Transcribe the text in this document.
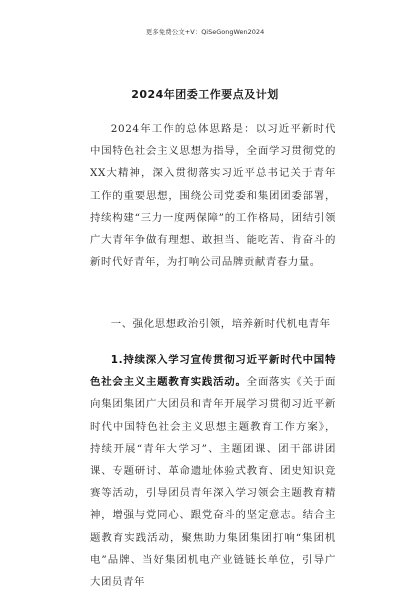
更多免费公文+V：QiSeGongWen2024
2024年团委工作要点及计划

2024年工作的总体思路是：以习近平新时代中国特色社会主义思想为指导，全面学习贯彻党的XX大精神，深入贯彻落实习近平总书记关于青年工作的重要思想，围绕公司党委和集团团委部署，持续构建“三力一度两保障”的工作格局，团结引领广大青年争做有理想、敢担当、能吃苦、肯奋斗的新时代好青年，为打响公司品牌贡献青春力量。

一、强化思想政治引领，培养新时代机电青年

1.持续深入学习宣传贯彻习近平新时代中国特色社会主义主题教育实践活动。全面落实《关于面向集团集团广大团员和青年开展学习贯彻习近平新时代中国特色社会主义思想主题教育工作方案》，持续开展“青年大学习”、主题团课、团干部讲团课、专题研讨、革命遗址体验式教育、团史知识竞赛等活动，引导团员青年深入学习领会主题教育精神，增强与党同心、跟党奋斗的坚定意志。结合主题教育实践活动，聚焦助力集团集团打响“集团机电”品牌、当好集团机电产业链链长单位，引导广大团员青年
